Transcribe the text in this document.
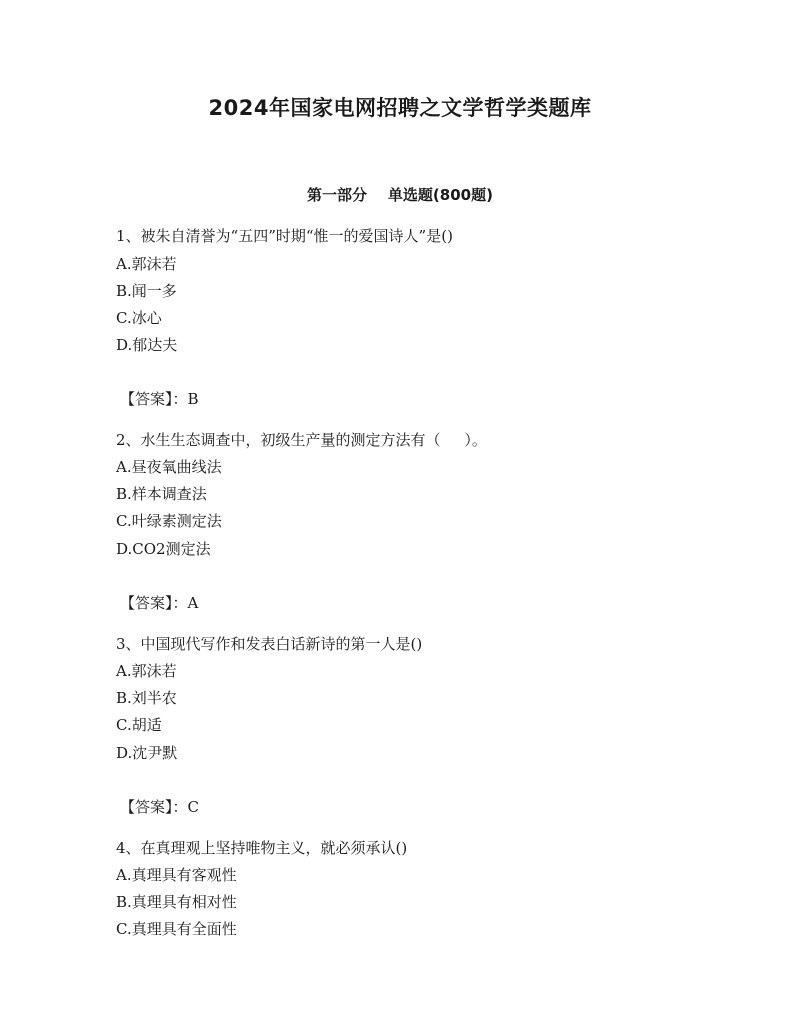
2024年国家电网招聘之文学哲学类题库
第一部分    单选题(800题)

1、被朱自清誉为“五四”时期“惟一的爱国诗人”是()

A.郭沫若

B.闻一多

C.冰心

D.郁达夫

【答案】：B

2、水生生态调查中，初级生产量的测定方法有（     ）。

A.昼夜氧曲线法

B.样本调查法

C.叶绿素测定法

D.CO2测定法

【答案】：A

3、中国现代写作和发表白话新诗的第一人是()

A.郭沫若

B.刘半农

C.胡适

D.沈尹默

【答案】：C

4、在真理观上坚持唯物主义，就必须承认()

A.真理具有客观性

B.真理具有相对性

C.真理具有全面性
